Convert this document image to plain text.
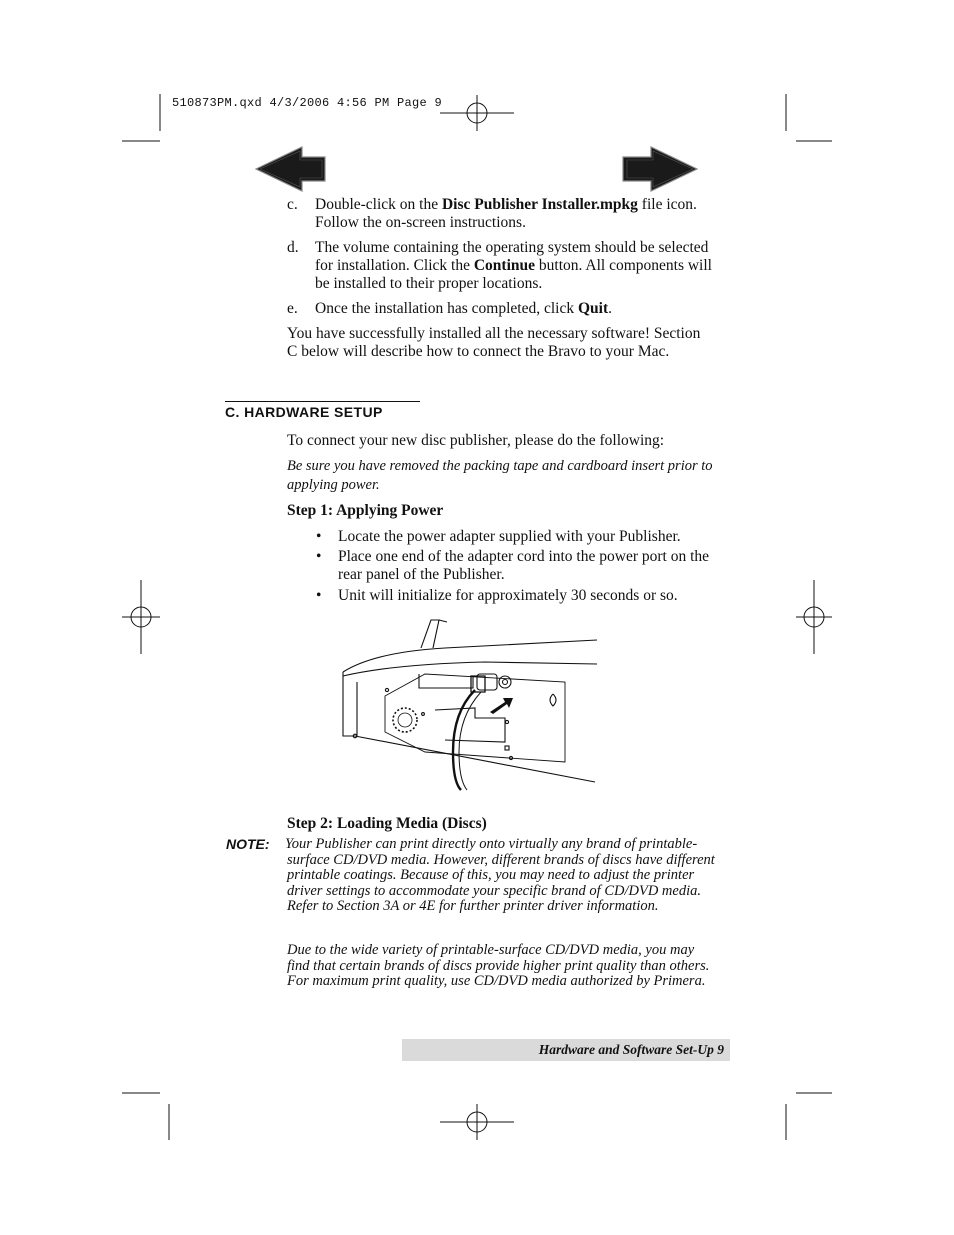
510873PM.qxd 4/3/2006 4:56 PM Page 9
c. Double-click on the Disc Publisher Installer.mpkg file icon. Follow the on-screen instructions.
d. The volume containing the operating system should be selected for installation. Click the Continue button. All components will be installed to their proper locations.
e. Once the installation has completed, click Quit.
You have successfully installed all the necessary software! Section C below will describe how to connect the Bravo to your Mac.
C. HARDWARE SETUP
To connect your new disc publisher, please do the following:
Be sure you have removed the packing tape and cardboard insert prior to applying power.
Step 1: Applying Power
• Locate the power adapter supplied with your Publisher.
• Place one end of the adapter cord into the power port on the rear panel of the Publisher.
• Unit will initialize for approximately 30 seconds or so.
Step 2: Loading Media (Discs)
NOTE: Your Publisher can print directly onto virtually any brand of printable-surface CD/DVD media. However, different brands of discs have different printable coatings. Because of this, you may need to adjust the printer driver settings to accommodate your specific brand of CD/DVD media. Refer to Section 3A or 4E for further printer driver information.
Due to the wide variety of printable-surface CD/DVD media, you may find that certain brands of discs provide higher print quality than others. For maximum print quality, use CD/DVD media authorized by Primera.
Hardware and Software Set-Up 9
